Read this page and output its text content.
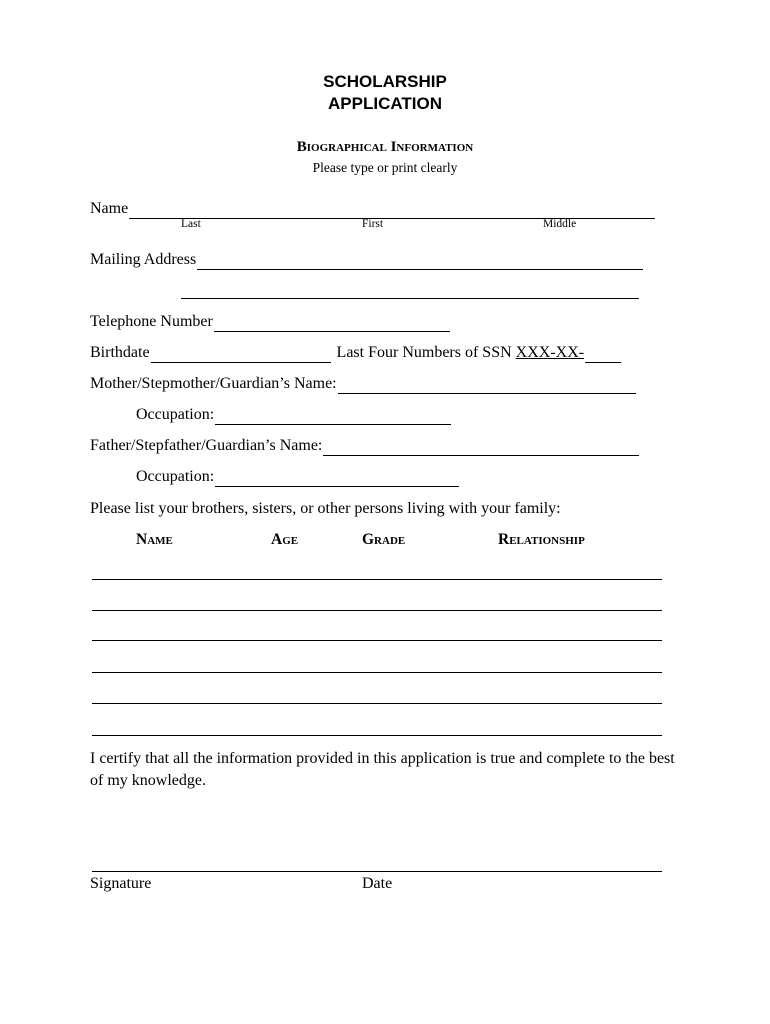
SCHOLARSHIP
APPLICATION
Biographical Information
Please type or print clearly
Name
Last	First	Middle
Mailing Address
Telephone Number
Birthdate	Last Four Numbers of SSN XXX-XX-
Mother/Stepmother/Guardian’s Name:
Occupation:
Father/Stepfather/Guardian’s Name:
Occupation:
Please list your brothers, sisters, or other persons living with your family:
Name	Age	Grade	Relationship
I certify that all the information provided in this application is true and complete to the best of my knowledge.
Signature	Date
